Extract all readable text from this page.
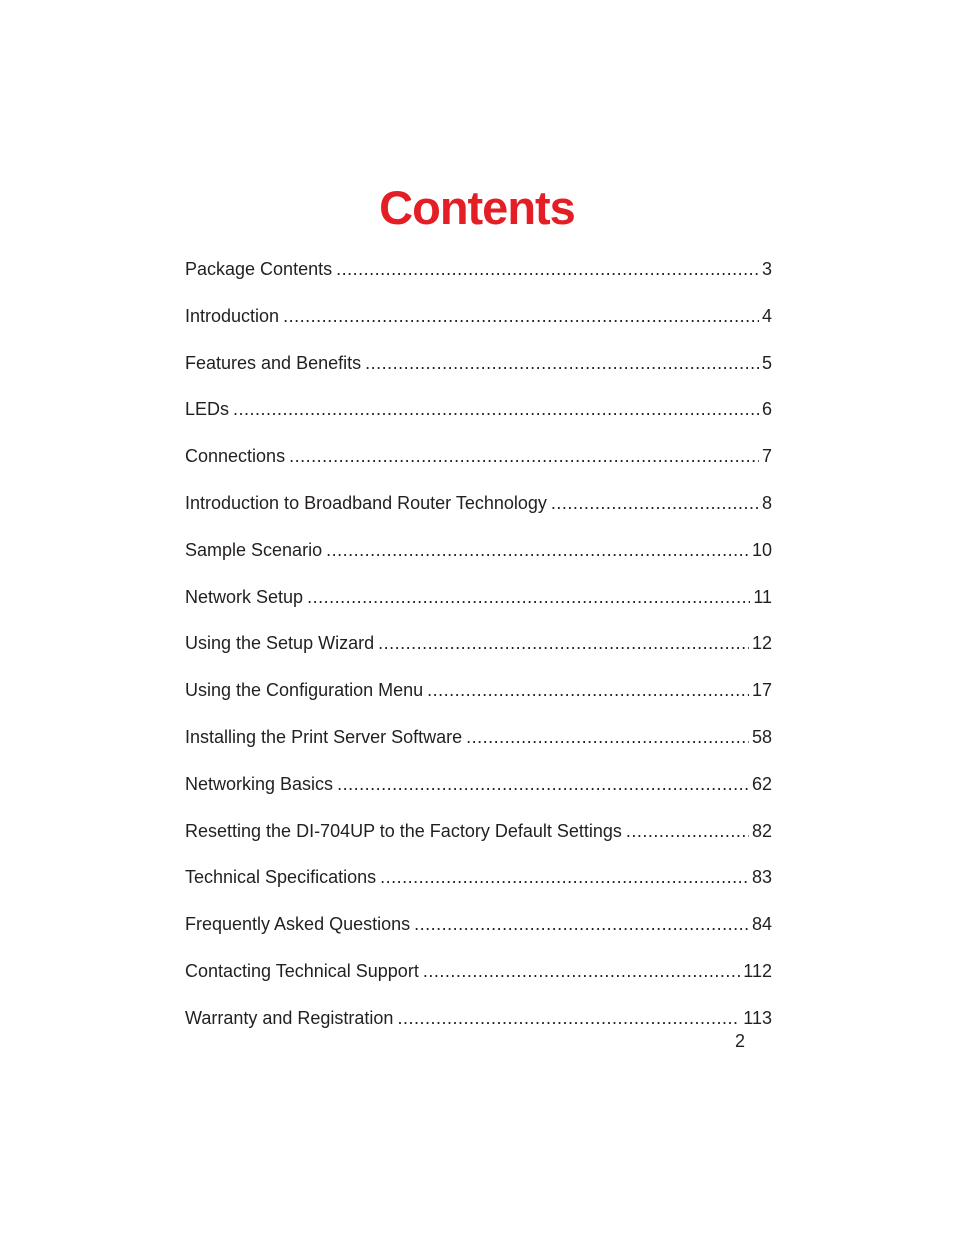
Contents
Package Contents .....	3
Introduction .....	4
Features and Benefits .....	5
LEDs .....	6
Connections .....	7
Introduction to Broadband Router Technology .....	8
Sample Scenario .....	10
Network Setup .....	11
Using the Setup Wizard .....	12
Using the Configuration Menu .....	17
Installing the Print Server Software .....	58
Networking Basics .....	62
Resetting the DI-704UP to the Factory Default Settings .....	82
Technical Specifications .....	83
Frequently Asked Questions .....	84
Contacting Technical Support .....	112
Warranty and Registration .....	113
2
